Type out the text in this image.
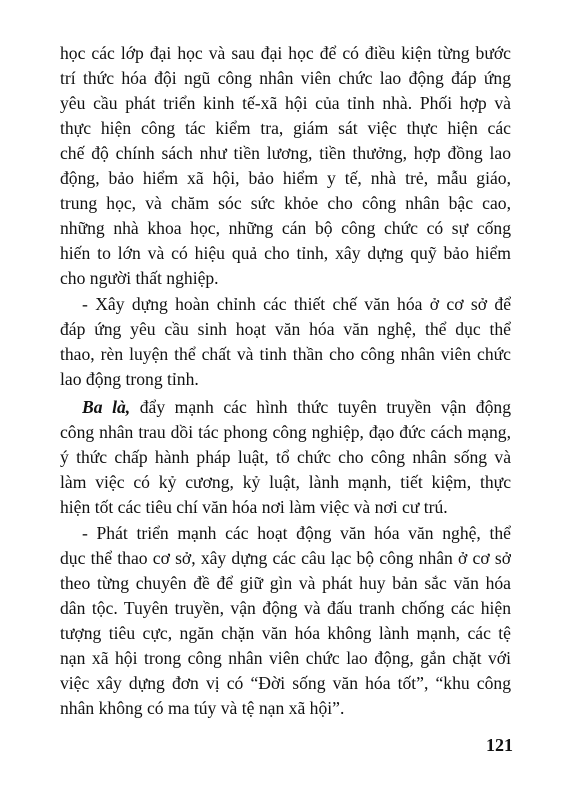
học các lớp đại học và sau đại học để có điều kiện từng bước
trí thức hóa đội ngũ công nhân viên chức lao động đáp ứng
yêu cầu phát triển kinh tế-xã hội của tỉnh nhà. Phối hợp và
thực hiện công tác kiểm tra, giám sát việc thực hiện các
chế độ chính sách như tiền lương, tiền thưởng, hợp đồng lao
động, bảo hiểm xã hội, bảo hiểm y tế, nhà trẻ, mẫu giáo,
trung học, và chăm sóc sức khỏe cho công nhân bậc cao,
những nhà khoa học, những cán bộ công chức có sự cống
hiến to lớn và có hiệu quả cho tỉnh, xây dựng quỹ bảo hiểm
cho người thất nghiệp.
- Xây dựng hoàn chỉnh các thiết chế văn hóa ở cơ sở để
đáp ứng yêu cầu sinh hoạt văn hóa văn nghệ, thể dục thể
thao, rèn luyện thể chất và tinh thần cho công nhân viên chức
lao động trong tỉnh.
Ba là, đẩy mạnh các hình thức tuyên truyền vận động
công nhân trau dồi tác phong công nghiệp, đạo đức cách mạng,
ý thức chấp hành pháp luật, tổ chức cho công nhân sống và
làm việc có kỷ cương, kỷ luật, lành mạnh, tiết kiệm, thực
hiện tốt các tiêu chí văn hóa nơi làm việc và nơi cư trú.
- Phát triển mạnh các hoạt động văn hóa văn nghệ, thể
dục thể thao cơ sở, xây dựng các câu lạc bộ công nhân ở cơ sở
theo từng chuyên đề để giữ gìn và phát huy bản sắc văn hóa
dân tộc. Tuyên truyền, vận động và đấu tranh chống các hiện
tượng tiêu cực, ngăn chặn văn hóa không lành mạnh, các tệ
nạn xã hội trong công nhân viên chức lao động, gắn chặt với
việc xây dựng đơn vị có “Đời sống văn hóa tốt”, “khu công
nhân không có ma túy và tệ nạn xã hội”.
121
